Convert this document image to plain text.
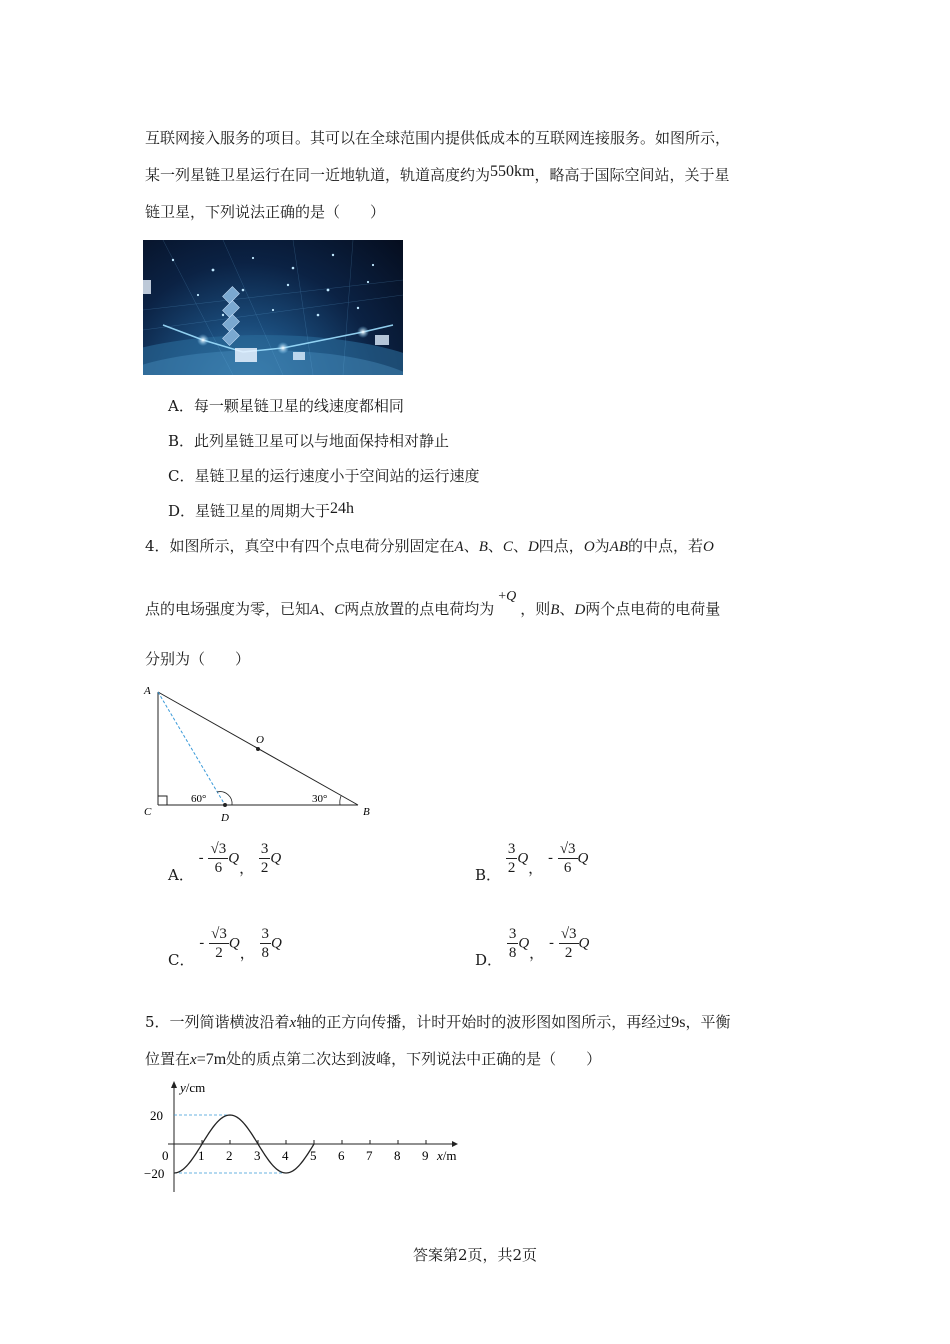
互联网接入服务的项目。其可以在全球范围内提供低成本的互联网连接服务。如图所示，
某一列星链卫星运行在同一近地轨道，轨道高度约为550km，略高于国际空间站，关于星
链卫星，下列说法正确的是（　　）
A．每一颗星链卫星的线速度都相同
B．此列星链卫星可以与地面保持相对静止
C．星链卫星的运行速度小于空间站的运行速度
D．星链卫星的周期大于24h
4．如图所示，真空中有四个点电荷分别固定在A、B、C、D四点，O为AB的中点，若O
点的电场强度为零，已知A、C两点放置的点电荷均为+Q，则B、D两个点电荷的电荷量
分别为（　　）
A
C	D	B
O
60°	30°
A． - $\frac{√3}{6}$ Q， $\frac{3}{2}$ Q
B． $\frac{3}{2}$ Q， - $\frac{√3}{6}$ Q
C． - $\frac{√3}{2}$ Q， $\frac{3}{8}$ Q
D． $\frac{3}{8}$ Q， - $\frac{√3}{2}$ Q
5．一列简谐横波沿着x轴的正方向传播，计时开始时的波形图如图所示，再经过9s，平衡
位置在x=7m处的质点第二次达到波峰，下列说法中正确的是（　　）
1 2 3 4 5 6 7 8 9
20
−20
0
y/cm
x/m
答案第2页，共2页
